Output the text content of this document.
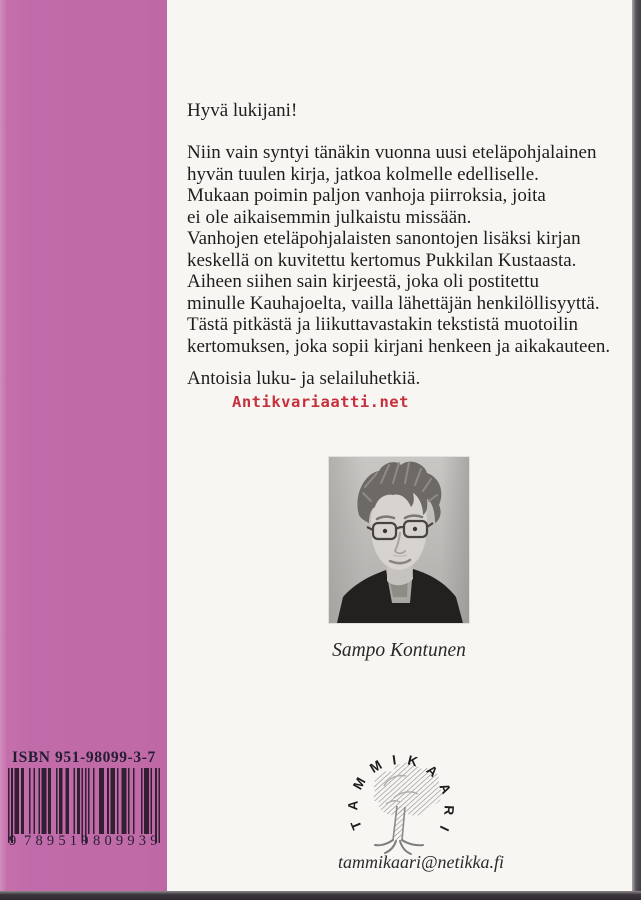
Hyvä lukijani!
Niin vain syntyi tänäkin vuonna uusi eteläpohjalainen
hyvän tuulen kirja, jatkoa kolmelle edelliselle.
Mukaan poimin paljon vanhoja piirroksia, joita
ei ole aikaisemmin julkaistu missään.
Vanhojen eteläpohjalaisten sanontojen lisäksi kirjan
keskellä on kuvitettu kertomus Pukkilan Kustaasta.
Aiheen siihen sain kirjeestä, joka oli postitettu
minulle Kauhajoelta, vailla lähettäjän henkilöllisyyttä.
Tästä pitkästä ja liikuttavastakin tekstistä muotoilin
kertomuksen, joka sopii kirjani henkeen ja aikakauteen.
Antoisia luku- ja selailuhetkiä.
Antikvariaatti.net
Sampo Kontunen
ISBN 951-98099-3-7
9 789519 809939
TAMMIKAARI
tammikaari@netikka.fi
